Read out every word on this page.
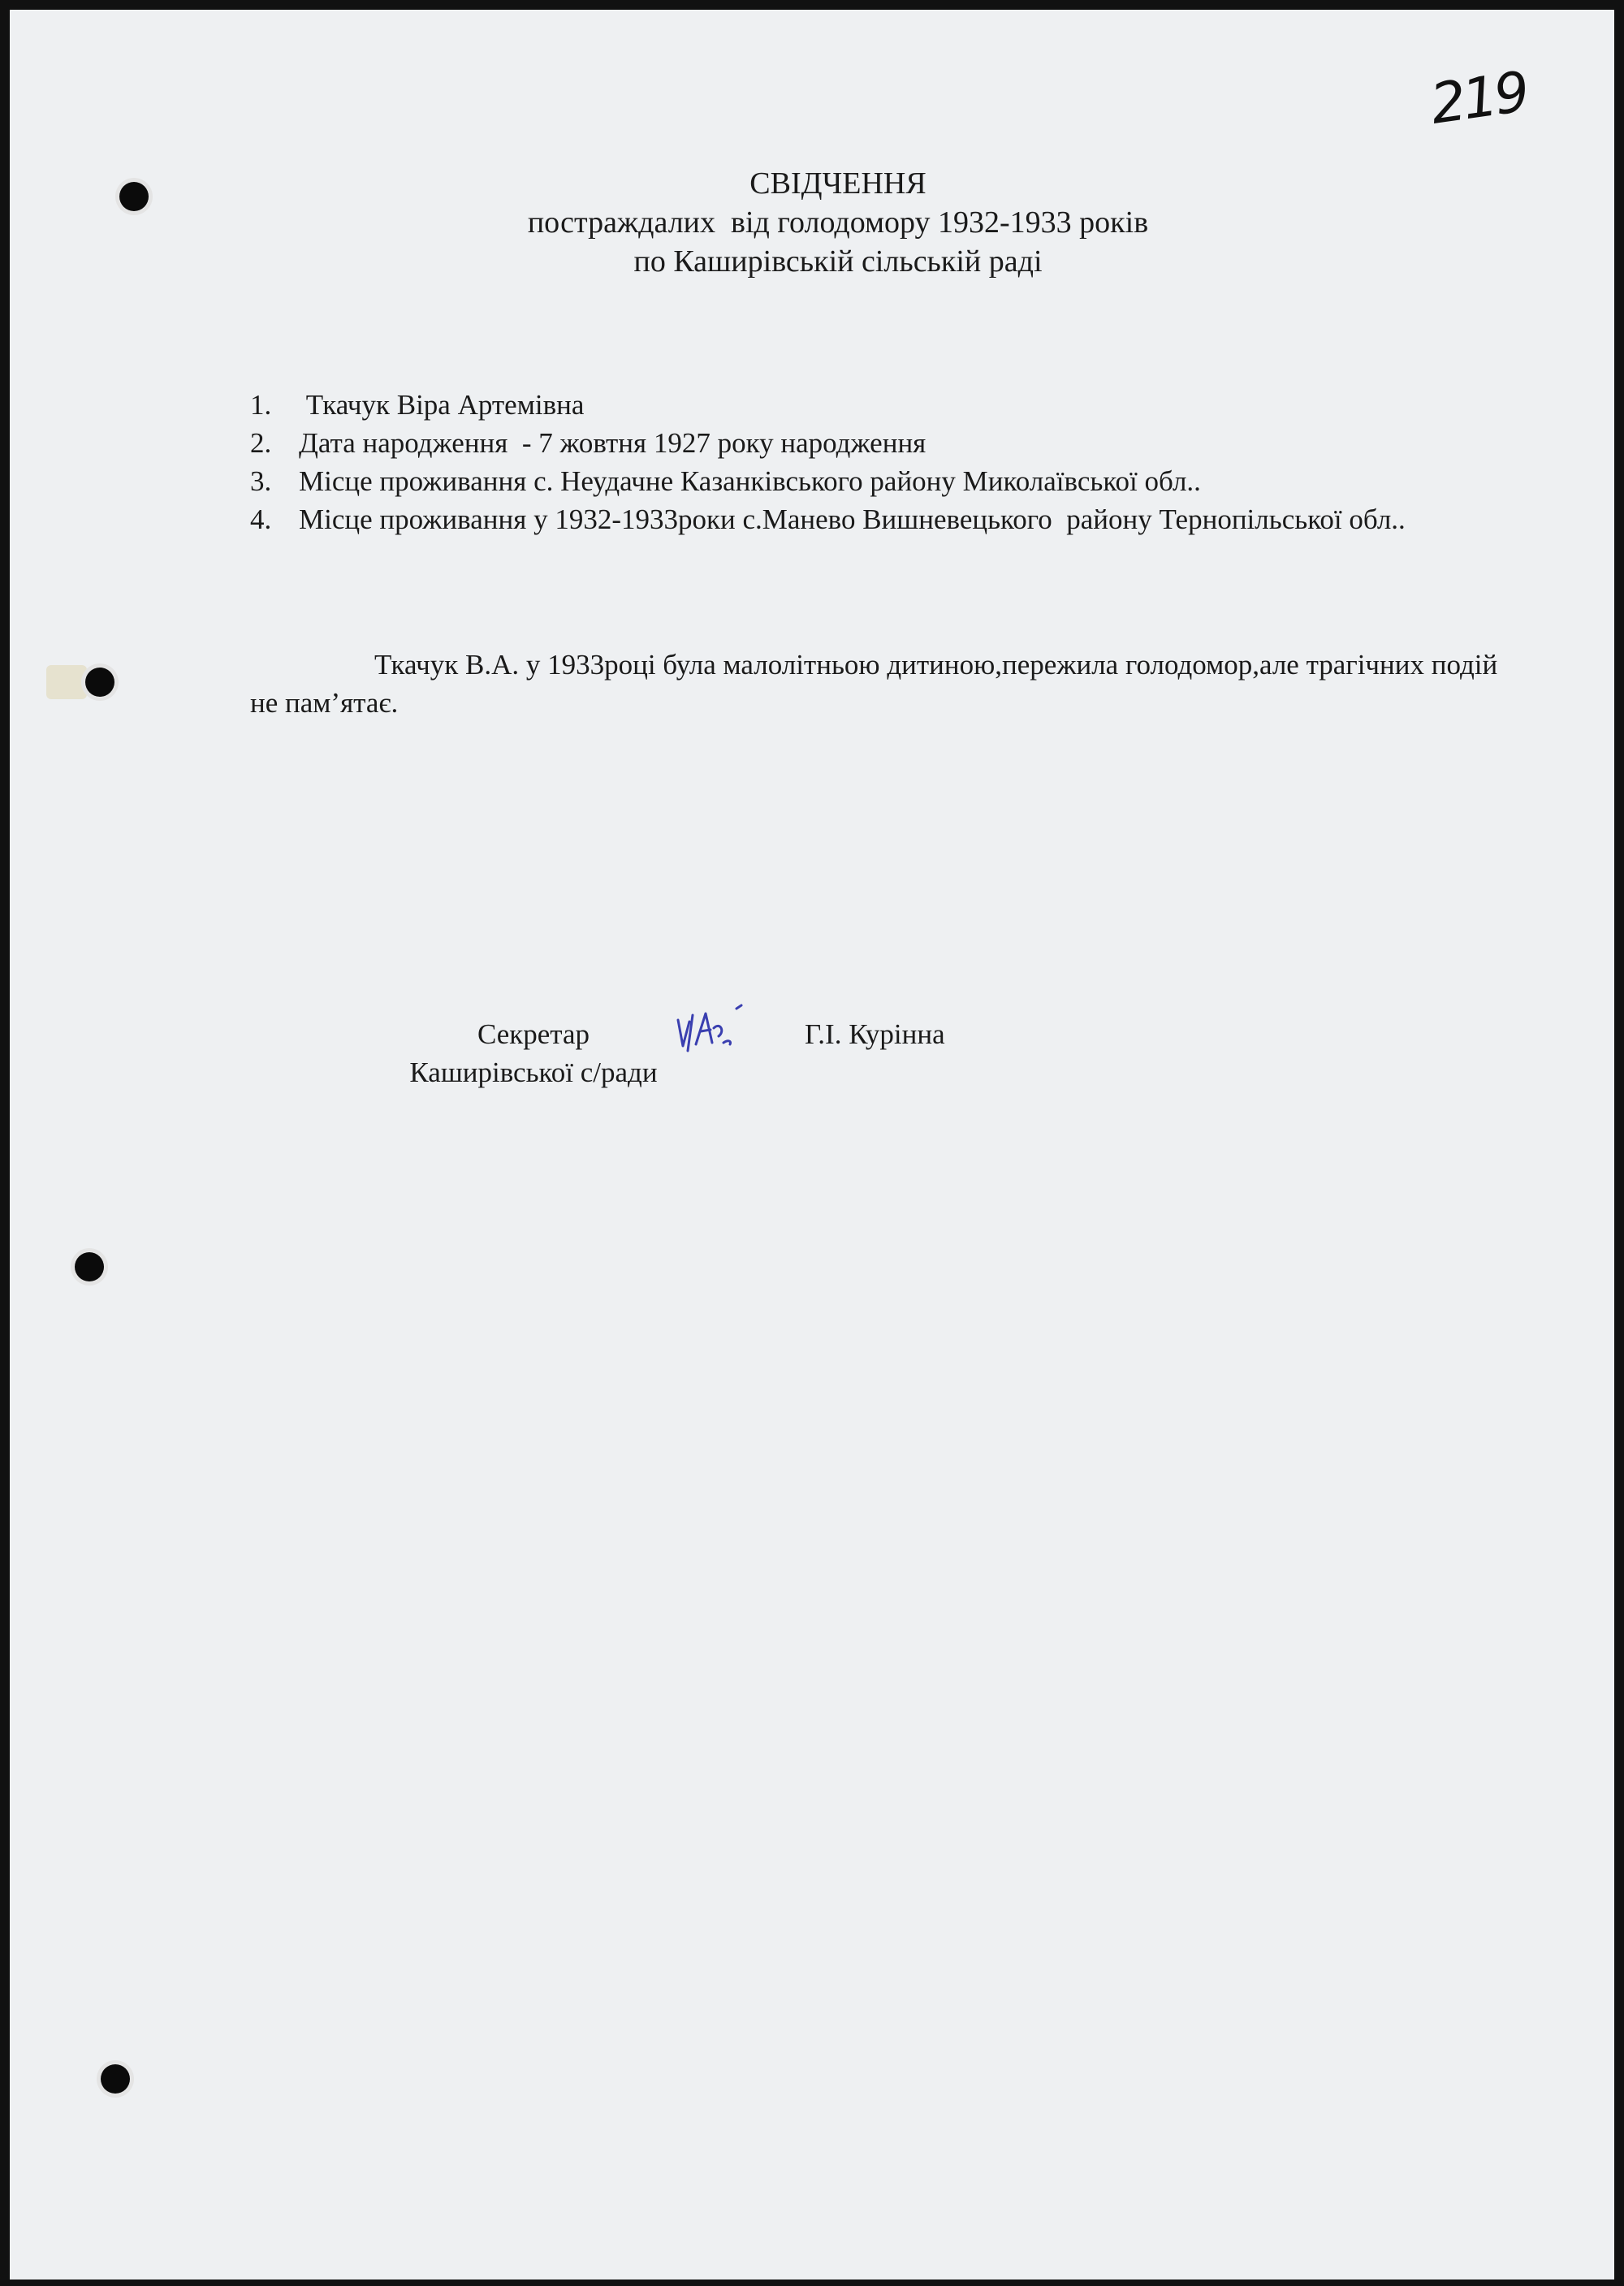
219
СВІДЧЕННЯ
постраждалих  від голодомору 1932-1933 років
по Каширівській сільській раді
1. Ткачук Віра Артемівна
2. Дата народження  - 7 жовтня 1927 року народження
3. Місце проживання с. Неудачне Казанківського району Миколаївської обл..
4. Місце проживання у 1932-1933роки с.Манево Вишневецького  району Тернопільської обл..

Ткачук В.А. у 1933році була малолітньою дитиною,пережила голодомор,але трагічних подій не пам’ятає.

Секретар
Каширівської с/ради
Г.І. Курінна
